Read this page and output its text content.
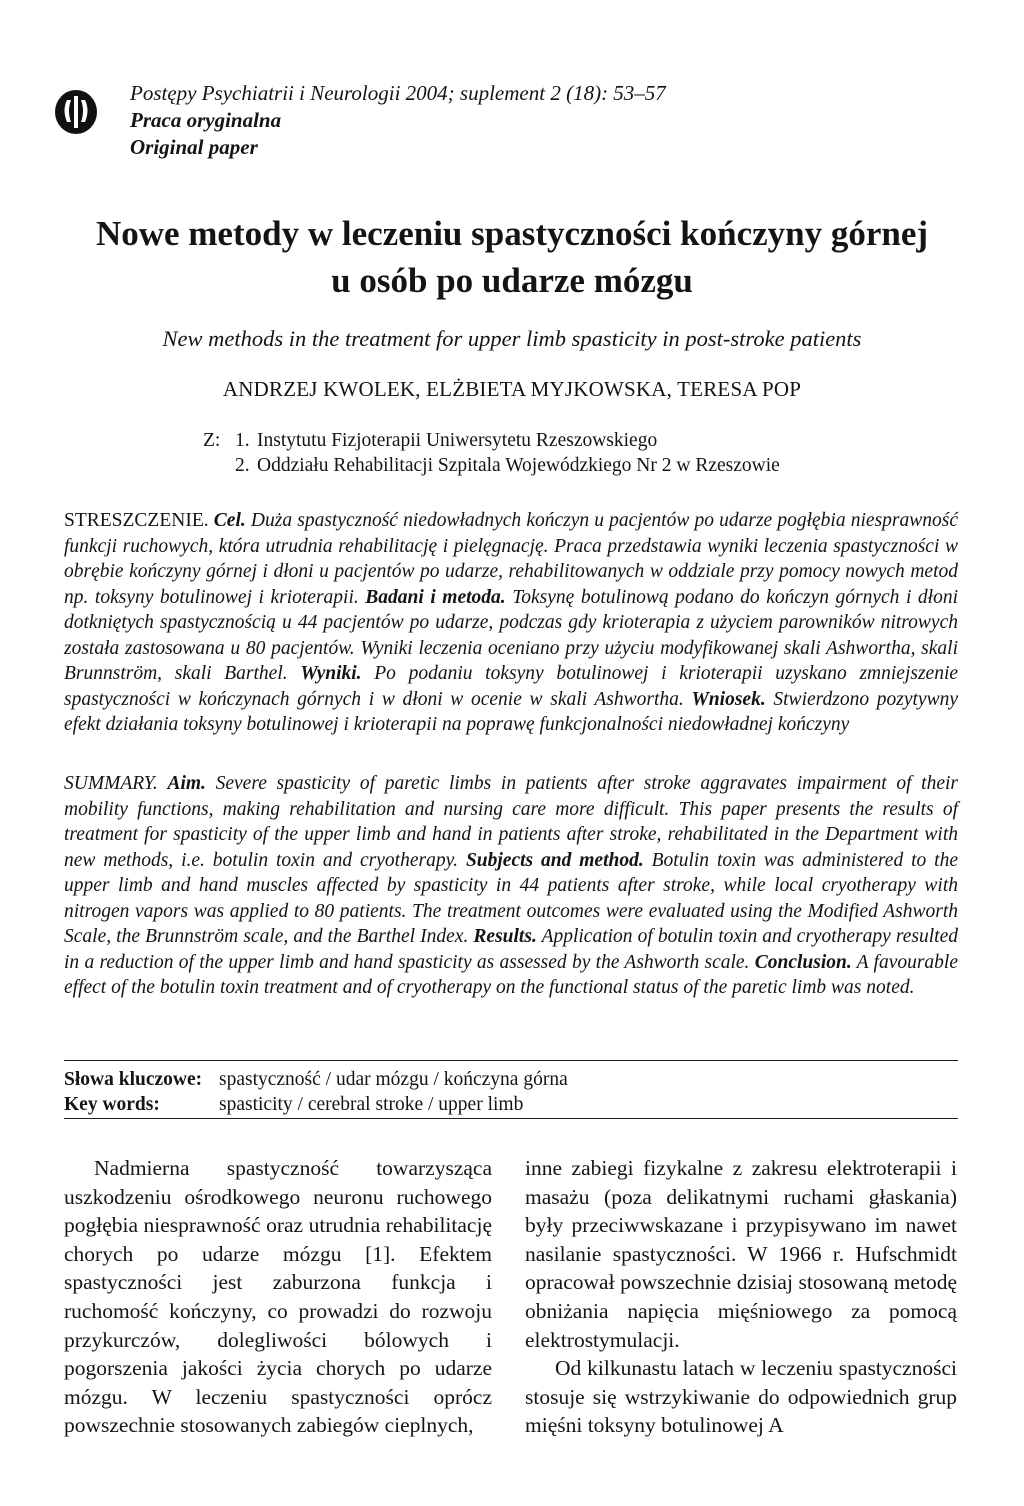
Postępy Psychiatrii i Neurologii 2004; suplement 2 (18): 53–57
Praca oryginalna
Original paper
Nowe metody w leczeniu spastyczności kończyny górnej
u osób po udarze mózgu
New methods in the treatment for upper limb spasticity in post-stroke patients
ANDRZEJ KWOLEK, ELŻBIETA MYJKOWSKA, TERESA POP
Z: 1. Instytutu Fizjoterapii Uniwersytetu Rzeszowskiego
2. Oddziału Rehabilitacji Szpitala Wojewódzkiego Nr 2 w Rzeszowie
STRESZCZENIE. Cel. Duża spastyczność niedowładnych kończyn u pacjentów po udarze pogłębia niesprawność funkcji ruchowych, która utrudnia rehabilitację i pielęgnację. Praca przedstawia wyniki leczenia spastyczności w obrębie kończyny górnej i dłoni u pacjentów po udarze, rehabilitowanych w oddziale przy pomocy nowych metod np. toksyny botulinowej i krioterapii. Badani i metoda. Toksynę botulinową podano do kończyn górnych i dłoni dotkniętych spastycznością u 44 pacjentów po udarze, podczas gdy krioterapia z użyciem parowników nitrowych została zastosowana u 80 pacjentów. Wyniki leczenia oceniano przy użyciu modyfikowanej skali Ashworthа, skali Brunnström, skali Barthel. Wyniki. Po podaniu toksyny botulinowej i krioterapii uzyskano zmniejszenie spastyczności w kończynach górnych i w dłoni w ocenie w skali Ashworthа. Wniosek. Stwierdzono pozytywny efekt działania toksyny botulinowej i krioterapii na poprawę funkcjonalności niedowładnej kończyny
SUMMARY. Aim. Severe spasticity of paretic limbs in patients after stroke aggravates impairment of their mobility functions, making rehabilitation and nursing care more difficult. This paper presents the results of treatment for spasticity of the upper limb and hand in patients after stroke, rehabilitated in the Department with new methods, i.e. botulin toxin and cryotherapy. Subjects and method. Botulin toxin was administered to the upper limb and hand muscles affected by spasticity in 44 patients after stroke, while local cryotherapy with nitrogen vapors was applied to 80 patients. The treatment outcomes were evaluated using the Modified Ashworth Scale, the Brunnström scale, and the Barthel Index. Results. Application of botulin toxin and cryotherapy resulted in a reduction of the upper limb and hand spasticity as assessed by the Ashworth scale. Conclusion. A favourable effect of the botulin toxin treatment and of cryotherapy on the functional status of the paretic limb was noted.
Słowa kluczowe: spastyczność / udar mózgu / kończyna górna
Key words:	spasticity / cerebral stroke / upper limb

Nadmierna spastyczność towarzysząca uszkodzeniu ośrodkowego neuronu ruchowego pogłębia niesprawność oraz utrudnia rehabilitację chorych po udarze mózgu [1]. Efektem spastyczności jest zaburzona funkcja i ruchomość kończyny, co prowadzi do rozwoju przykurczów, dolegliwości bólowych i pogorszenia jakości życia chorych po udarze mózgu. W leczeniu spastyczności oprócz powszechnie stosowanych zabiegów cieplnych,

inne zabiegi fizykalne z zakresu elektroterapii i masażu (poza delikatnymi ruchami głaskania) były przeciwwskazane i przypisywano im nawet nasilanie spastyczności. W 1966 r. Hufschmidt opracował powszechnie dzisiaj stosowaną metodę obniżania napięcia mięśniowego za pomocą elektrostymulacji.

Od kilkunastu latach w leczeniu spastyczności stosuje się wstrzykiwanie do odpowiednich grup mięśni toksyny botulinowej A
